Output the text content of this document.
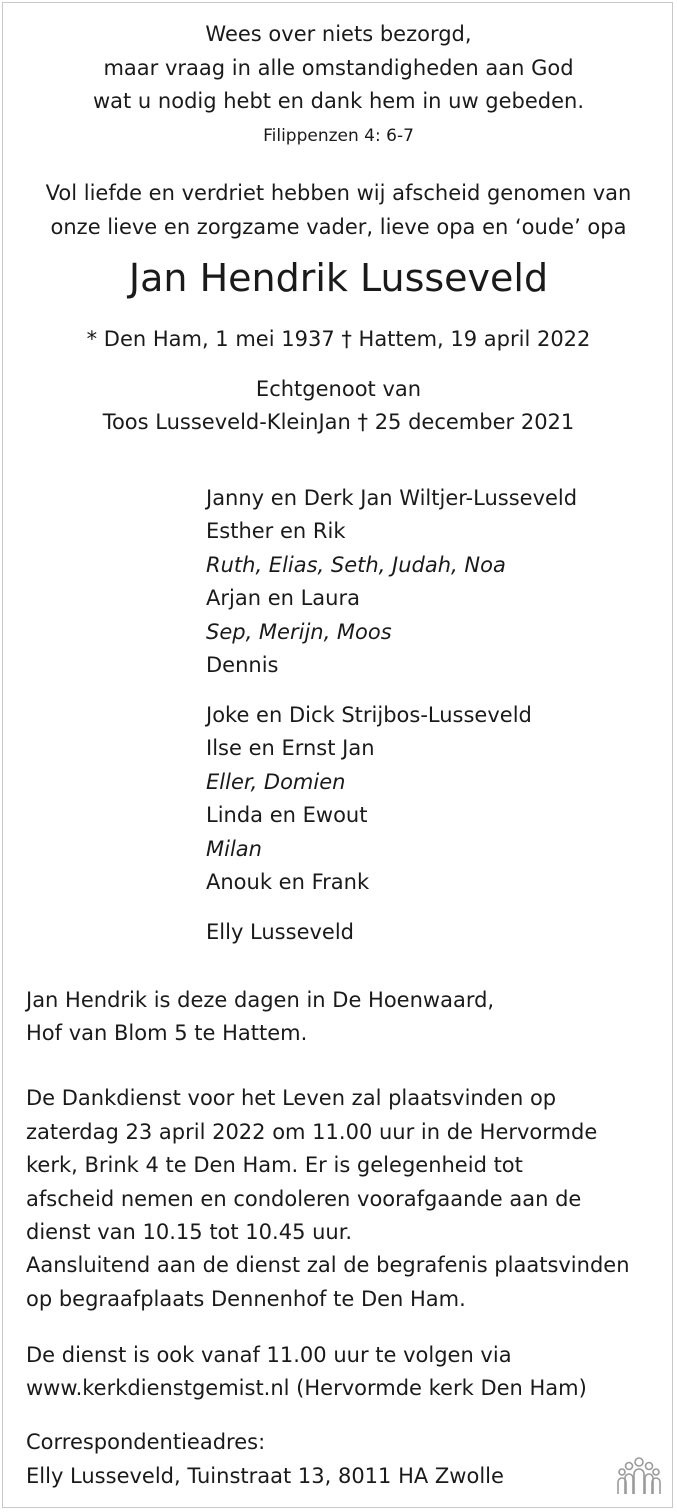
Wees over niets bezorgd,
maar vraag in alle omstandigheden aan God
wat u nodig hebt en dank hem in uw gebeden.
Filippenzen 4: 6-7
Vol liefde en verdriet hebben wij afscheid genomen van
onze lieve en zorgzame vader, lieve opa en ‘oude’ opa
Jan Hendrik Lusseveld
* Den Ham, 1 mei 1937 † Hattem, 19 april 2022
Echtgenoot van
Toos Lusseveld-KleinJan † 25 december 2021
Janny en Derk Jan Wiltjer-Lusseveld
Esther en Rik
Ruth, Elias, Seth, Judah, Noa
Arjan en Laura
Sep, Merijn, Moos
Dennis
Joke en Dick Strijbos-Lusseveld
Ilse en Ernst Jan
Eller, Domien
Linda en Ewout
Milan
Anouk en Frank
Elly Lusseveld
Jan Hendrik is deze dagen in De Hoenwaard,
Hof van Blom 5 te Hattem.
De Dankdienst voor het Leven zal plaatsvinden op
zaterdag 23 april 2022 om 11.00 uur in de Hervormde
kerk, Brink 4 te Den Ham. Er is gelegenheid tot
afscheid nemen en condoleren voorafgaande aan de
dienst van 10.15 tot 10.45 uur.
Aansluitend aan de dienst zal de begrafenis plaatsvinden
op begraafplaats Dennenhof te Den Ham.
De dienst is ook vanaf 11.00 uur te volgen via
www.kerkdienstgemist.nl (Hervormde kerk Den Ham)
Correspondentieadres:
Elly Lusseveld, Tuinstraat 13, 8011 HA Zwolle
